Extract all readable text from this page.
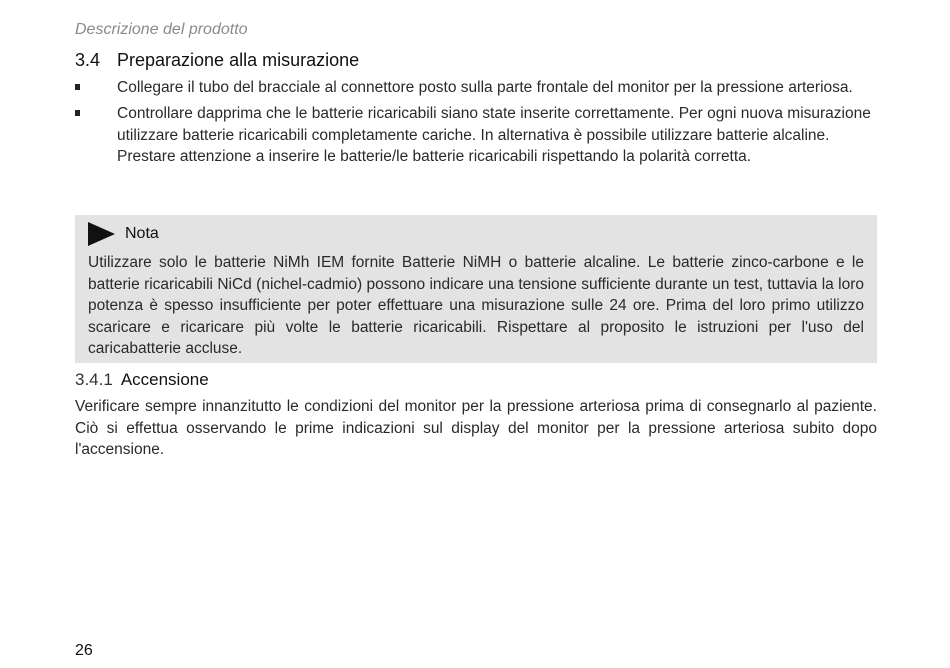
Descrizione del prodotto
3.4 Preparazione alla misurazione
Collegare il tubo del bracciale al connettore posto sulla parte frontale del monitor per la pressione arteriosa.
Controllare dapprima che le batterie ricaricabili siano state inserite correttamente. Per ogni nuova misurazione utilizzare batterie ricaricabili completamente cariche. In alternativa è possibile utilizzare batterie alcaline. Prestare attenzione a inserire le batterie/le batterie ricaricabili rispettando la polarità corretta.
Nota
Utilizzare solo le batterie NiMh IEM fornite Batterie NiMH o batterie alcaline. Le batterie zinco-carbone e le batterie ricaricabili NiCd (nichel-cadmio) possono indicare una tensione sufficiente durante un test, tuttavia la loro potenza è spesso insufficiente per poter effettuare una misurazione sulle 24 ore. Prima del loro primo utilizzo scaricare e ricaricare più volte le batterie ricaricabili. Rispettare al proposito le istruzioni per l'uso del caricabatterie accluse.
3.4.1 Accensione
Verificare sempre innanzitutto le condizioni del monitor per la pressione arteriosa prima di consegnarlo al paziente. Ciò si effettua osservando le prime indicazioni sul display del monitor per la pressione arteriosa subito dopo l'accensione.
26
